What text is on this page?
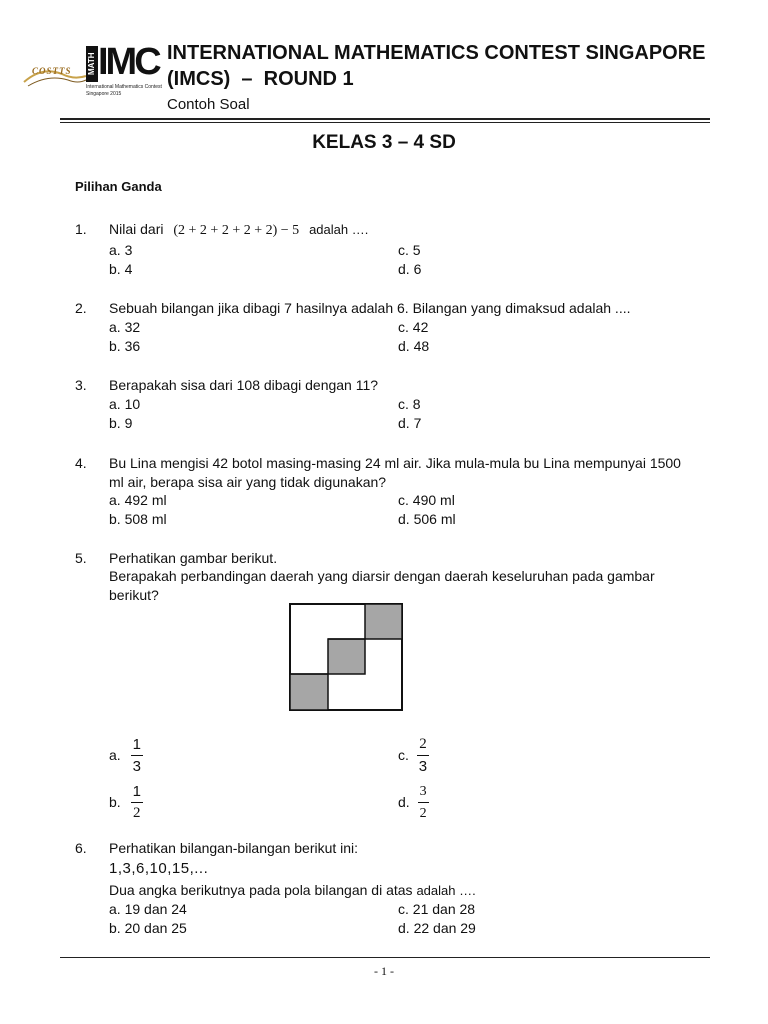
COSTTS MATH IMC
International Mathematics Contest
Singapore 2015
INTERNATIONAL MATHEMATICS CONTEST SINGAPORE
(IMCS)  –  ROUND 1
Contoh Soal
KELAS 3 – 4 SD
Pilihan Ganda
1. Nilai dari (2 + 2 + 2 + 2 + 2) − 5 adalah ….
a. 3
b. 4
c. 5
d. 6
2. Sebuah bilangan jika dibagi 7 hasilnya adalah 6. Bilangan yang dimaksud adalah ....
a. 32
b. 36
c. 42
d. 48
3. Berapakah sisa dari 108 dibagi dengan 11?
a. 10
b. 9
c. 8
d. 7
4. Bu Lina mengisi 42 botol masing-masing 24 ml air. Jika mula-mula bu Lina mempunyai 1500
ml air, berapa sisa air yang tidak digunakan?
a. 492 ml
b. 508 ml
c. 490 ml
d. 506 ml
5. Perhatikan gambar berikut.
Berapakah perbandingan daerah yang diarsir dengan daerah keseluruhan pada gambar
berikut?
a. $\frac{1}{3}$
b. $\frac{1}{2}$
c. $\frac{2}{3}$
d. $\frac{3}{2}$
6. Perhatikan bilangan-bilangan berikut ini:
1,3,6,10,15,...
Dua angka berikutnya pada pola bilangan di atas adalah ….
a. 19 dan 24
b. 20 dan 25
c. 21 dan 28
d. 22 dan 29
- 1 -
